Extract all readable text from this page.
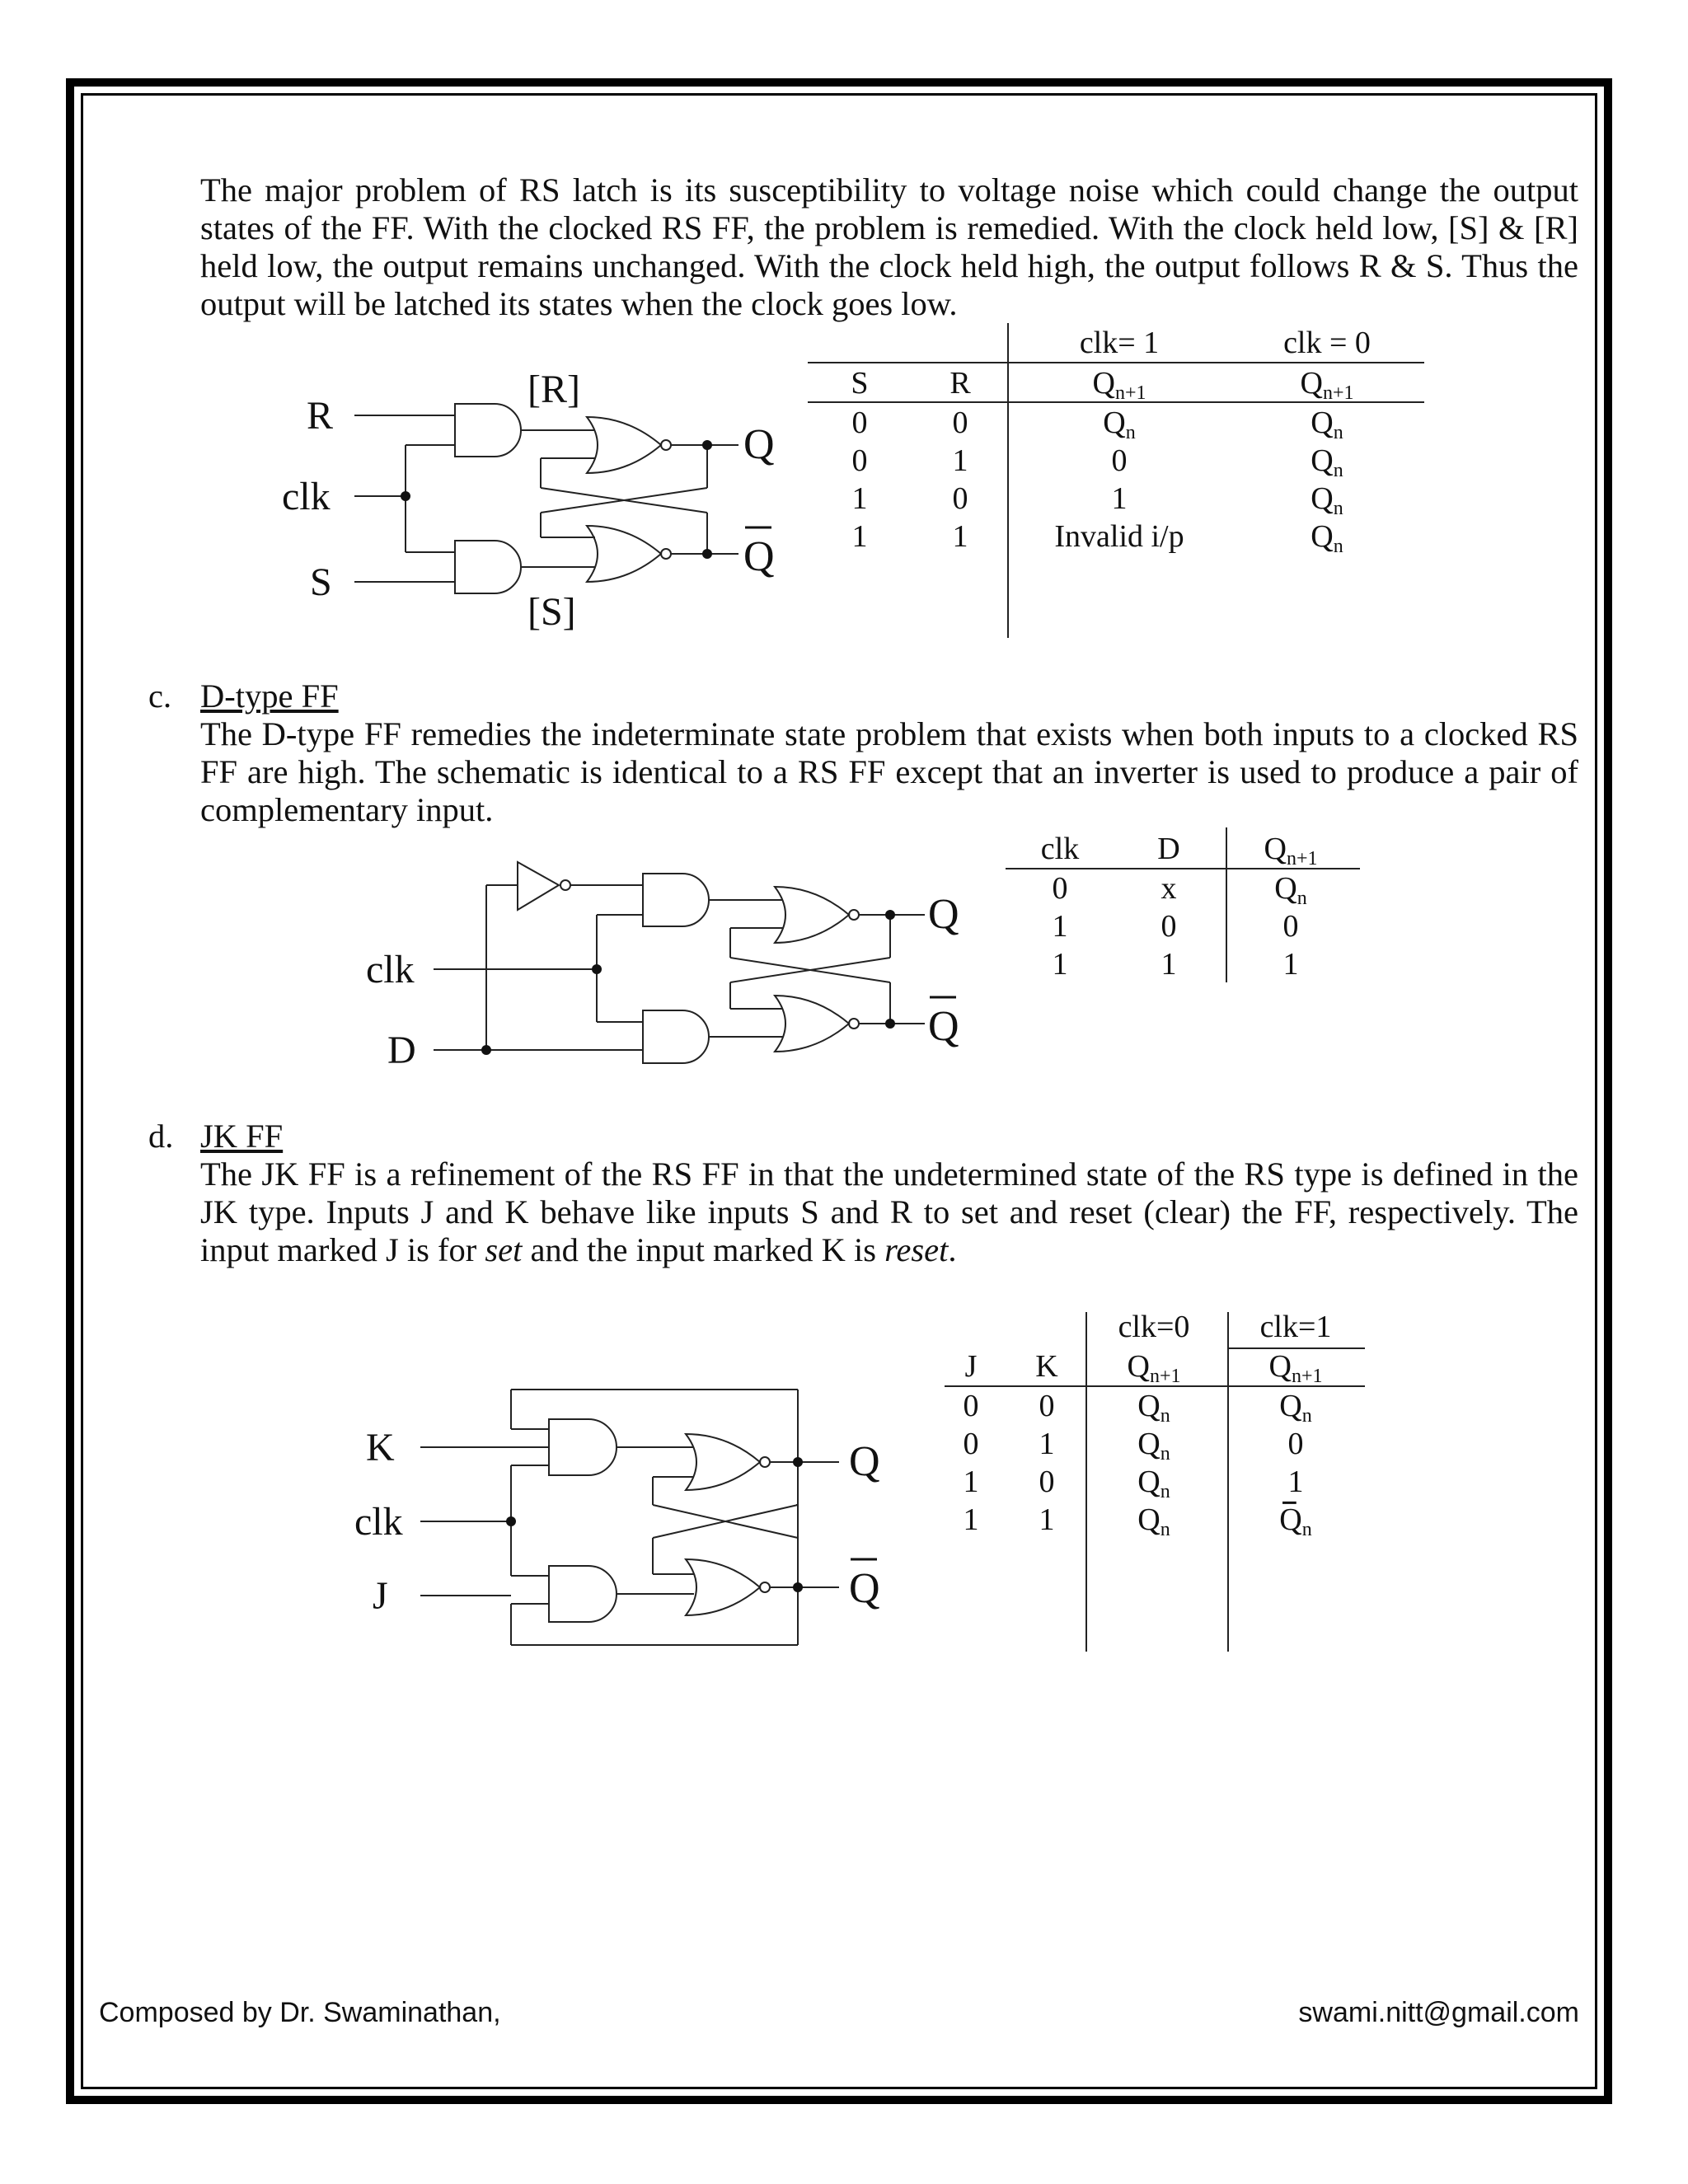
The major problem of RS latch is its susceptibility to voltage noise which could change the output states of the FF. With the clocked RS FF, the problem is remedied. With the clock held low, [S] & [R] held low, the output remains unchanged. With the clock held high, the output follows R & S. Thus the output will be latched its states when the clock goes low.

R
clk
S
[R]
[S]
Q
Q
clk= 1	clk = 0
S	R	Qn+1	Qn+1
0	0	Qn	Qn
0	1	0	Qn
1	0	1	Qn
1	1	Invalid i/p	Qn

c. D-type FF

The D-type FF remedies the indeterminate state problem that exists when both inputs to a clocked RS FF are high. The schematic is identical to a RS FF except that an inverter is used to produce a pair of complementary input.

clk
D
Q
Q
clk	D	Qn+1
0	x	Qn
1	0	0
1	1	1

d. JK FF

The JK FF is a refinement of the RS FF in that the undetermined state of the RS type is defined in the JK type. Inputs J and K behave like inputs S and R to set and reset (clear) the FF, respectively. The input marked J is for set and the input marked K is reset.

K
clk
J
Q
Q
clk=0 clk=1
J K Qn+1	Qn+1
0 0	Qn	Qn
0 1	Qn	0
1 0	Qn	1
1 1	Qn	Qn
Composed by Dr. Swaminathan,	swami.nitt@gmail.com
